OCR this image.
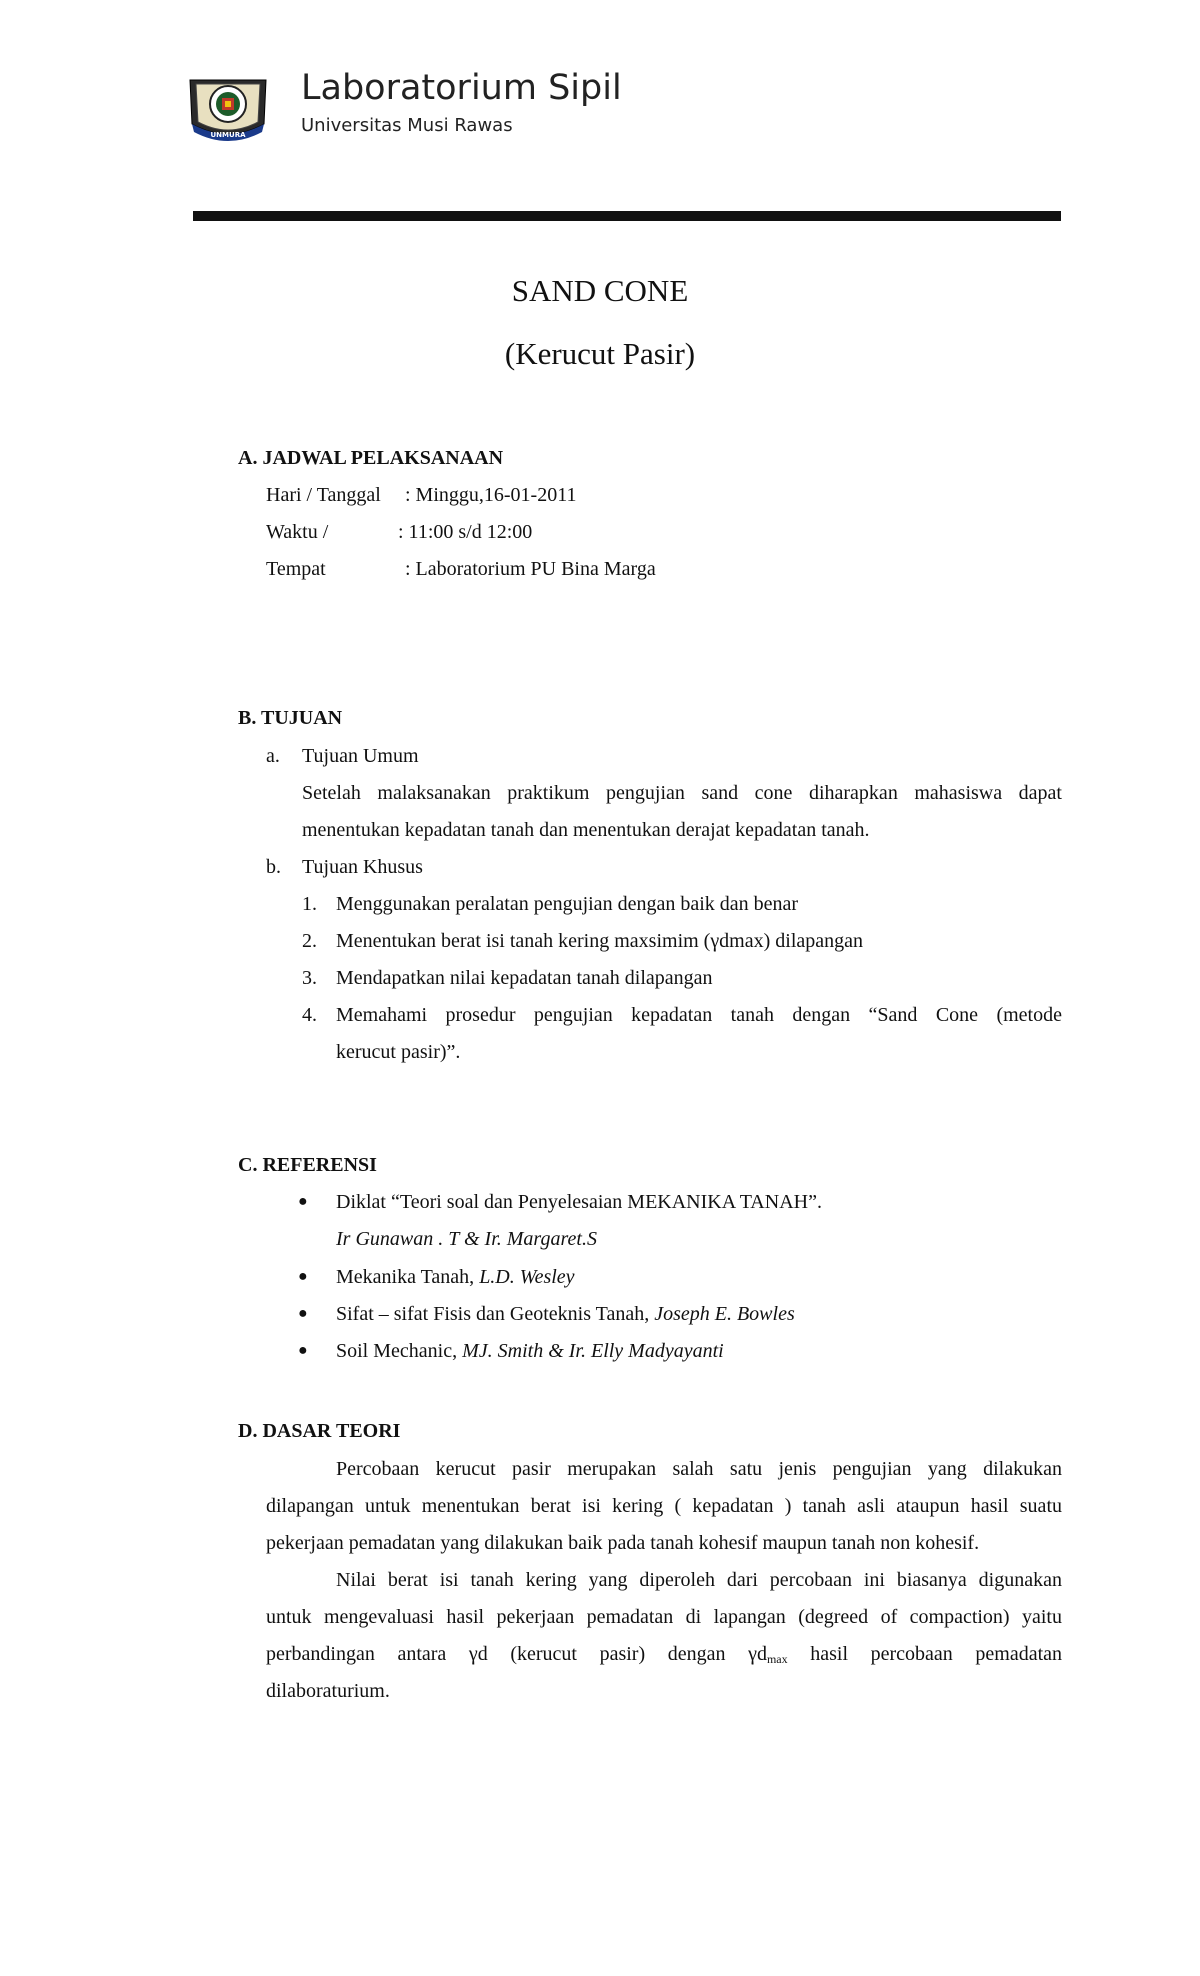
UNMURA
Laboratorium Sipil
Universitas Musi Rawas
SAND CONE
(Kerucut Pasir)
A. JADWAL PELAKSANAAN
Hari / Tanggal : Minggu,16-01-2011
Waktu /	: 11:00 s/d 12:00
Tempat	: Laboratorium PU Bina Marga
B. TUJUAN
a. Tujuan Umum
Setelah malaksanakan praktikum pengujian sand cone diharapkan mahasiswa dapat
menentukan kepadatan tanah dan menentukan derajat kepadatan tanah.
b. Tujuan Khusus
1. Menggunakan peralatan pengujian dengan baik dan benar
2. Menentukan berat isi tanah kering maxsimim (γdmax) dilapangan
3. Mendapatkan nilai kepadatan tanah dilapangan
4. Memahami prosedur pengujian kepadatan tanah dengan “Sand Cone (metode
kerucut pasir)”.
C. REFERENSI
● Diklat “Teori soal dan Penyelesaian MEKANIKA TANAH”.
Ir Gunawan . T & Ir. Margaret.S
● Mekanika Tanah, L.D. Wesley
● Sifat – sifat Fisis dan Geoteknis Tanah, Joseph E. Bowles
● Soil Mechanic, MJ. Smith & Ir. Elly Madyayanti
D. DASAR TEORI
Percobaan kerucut pasir merupakan salah satu jenis pengujian yang dilakukan
dilapangan untuk menentukan berat isi kering ( kepadatan ) tanah asli ataupun hasil suatu
pekerjaan pemadatan yang dilakukan baik pada tanah kohesif maupun tanah non kohesif.
Nilai berat isi tanah kering yang diperoleh dari percobaan ini biasanya digunakan
untuk mengevaluasi hasil pekerjaan pemadatan di lapangan (degreed of compaction) yaitu
perbandingan antara γd (kerucut pasir) dengan $\gamma d_{max}$ hasil percobaan pemadatan
dilaboraturium.
